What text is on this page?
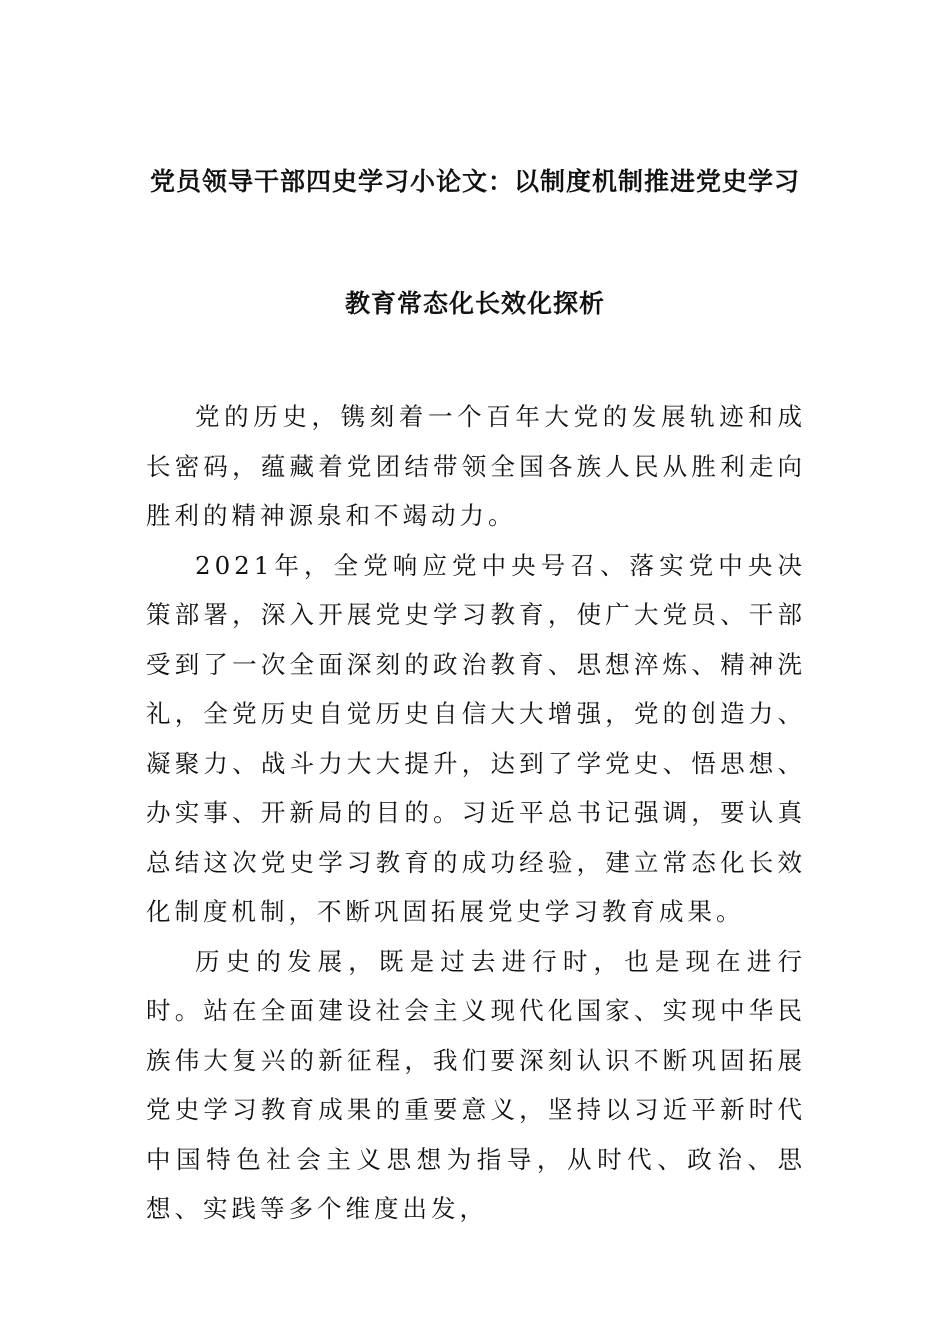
党员领导干部四史学习小论文：以制度机制推进党史学习
教育常态化长效化探析

党的历史，镌刻着一个百年大党的发展轨迹和成长密码，蕴藏着党团结带领全国各族人民从胜利走向胜利的精神源泉和不竭动力。

2021年，全党响应党中央号召、落实党中央决策部署，深入开展党史学习教育，使广大党员、干部受到了一次全面深刻的政治教育、思想淬炼、精神洗礼，全党历史自觉历史自信大大增强，党的创造力、凝聚力、战斗力大大提升，达到了学党史、悟思想、办实事、开新局的目的。习近平总书记强调，要认真总结这次党史学习教育的成功经验，建立常态化长效化制度机制，不断巩固拓展党史学习教育成果。

历史的发展，既是过去进行时，也是现在进行时。站在全面建设社会主义现代化国家、实现中华民族伟大复兴的新征程，我们要深刻认识不断巩固拓展党史学习教育成果的重要意义，坚持以习近平新时代中国特色社会主义思想为指导，从时代、政治、思想、实践等多个维度出发，
